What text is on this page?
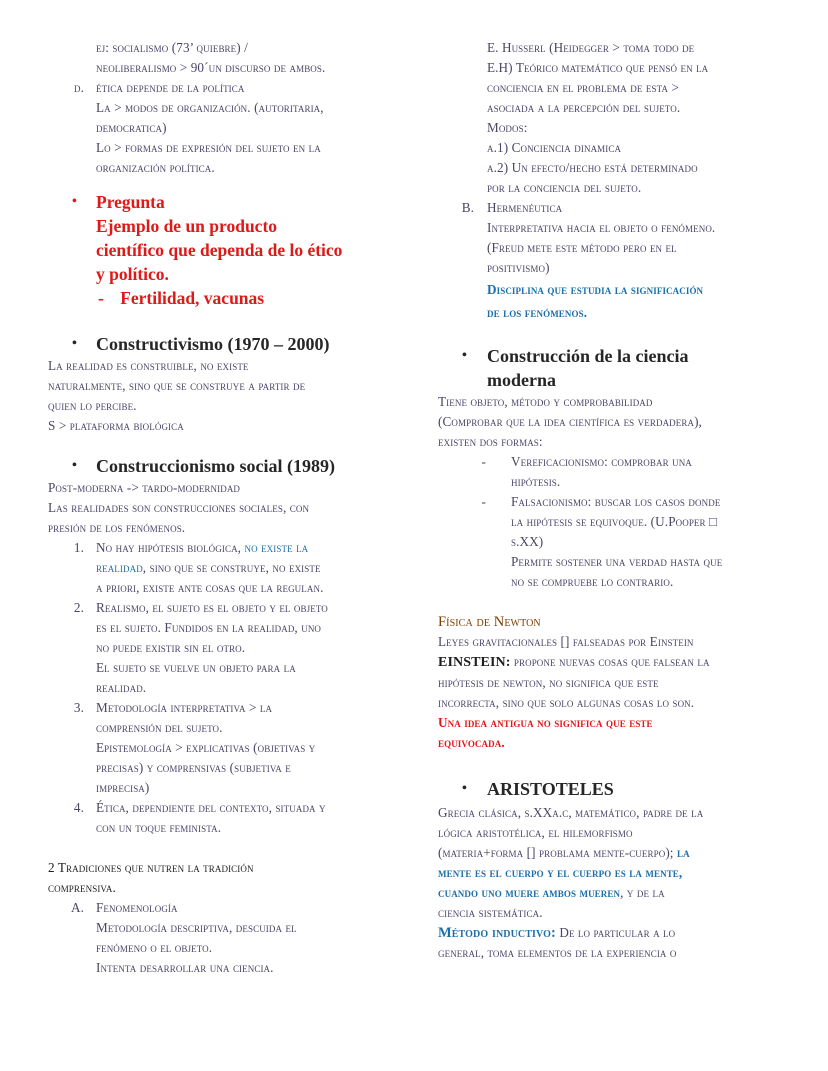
ej: socialismo (73’ quiebre) /
neoliberalismo > 90´un discurso de ambos.
d. ética depende de la política
La > modos de organización. (autoritaria,
democratica)
Lo > formas de expresión del sujeto en la
organización política.
• Pregunta
Ejemplo de un producto
científico que dependa de lo ético
y político.
- Fertilidad, vacunas
• Constructivismo (1970 – 2000)
La realidad es construible, no existe
naturalmente, sino que se construye a partir de
quien lo percibe.
S > plataforma biológica
• Construccionismo social (1989)
Post-moderna -> tardo-modernidad
Las realidades son construcciones sociales, con
presión de los fenómenos.
1. No hay hipótesis biológica, no existe la
realidad, sino que se construye, no existe
a priori, existe ante cosas que la regulan.
2. Realismo, el sujeto es el objeto y el objeto
es el sujeto. Fundidos en la realidad, uno
no puede existir sin el otro.
El sujeto se vuelve un objeto para la
realidad.
3. Metodología interpretativa > la
comprensión del sujeto.
Epistemología > explicativas (objetivas y
precisas) y comprensivas (subjetiva e
imprecisa)
4. Ética, dependiente del contexto, situada y
con un toque feminista.
2 Tradiciones que nutren la tradición
comprensiva.
A. Fenomenología
Metodología descriptiva, descuida el
fenómeno o el objeto.
Intenta desarrollar una ciencia.
E. Husserl (Heidegger > toma todo de
E.H) Teórico matemático que pensó en la
conciencia en el problema de esta >
asociada a la percepción del sujeto.
Modos:
a.1) Conciencia dinamica
a.2) Un efecto/hecho está determinado
por la conciencia del sujeto.
B. Hermenéutica
Interpretativa hacia el objeto o fenómeno.
(Freud mete este método pero en el
positivismo)
Disciplina que estudia la significación
de los fenómenos.
• Construcción de la ciencia
moderna
Tiene objeto, método y comprobabilidad
(Comprobar que la idea científica es verdadera),
existen dos formas:
- Vereficacionismo: comprobar una
hipótesis.
- Falsacionismo: buscar los casos donde
la hipótesis se equivoque. (U.Pooper □
s.XX)
Permite sostener una verdad hasta que
no se compruebe lo contrario.
Física de Newton
Leyes gravitacionales [] falseadas por Einstein
EINSTEIN: propone nuevas cosas que falsean la
hipótesis de newton, no significa que este
incorrecta, sino que solo algunas cosas lo son.
Una idea antigua no significa que este
equivocada.
• ARISTOTELES
Grecia clásica, s.XXa.c, matemático, padre de la
lógica aristotélica, el hilemorfismo
(materia+forma [] problama mente-cuerpo); la
mente es el cuerpo y el cuerpo es la mente,
cuando uno muere ambos mueren, y de la
ciencia sistemática.
Método inductivo: De lo particular a lo
general, toma elementos de la experiencia o
